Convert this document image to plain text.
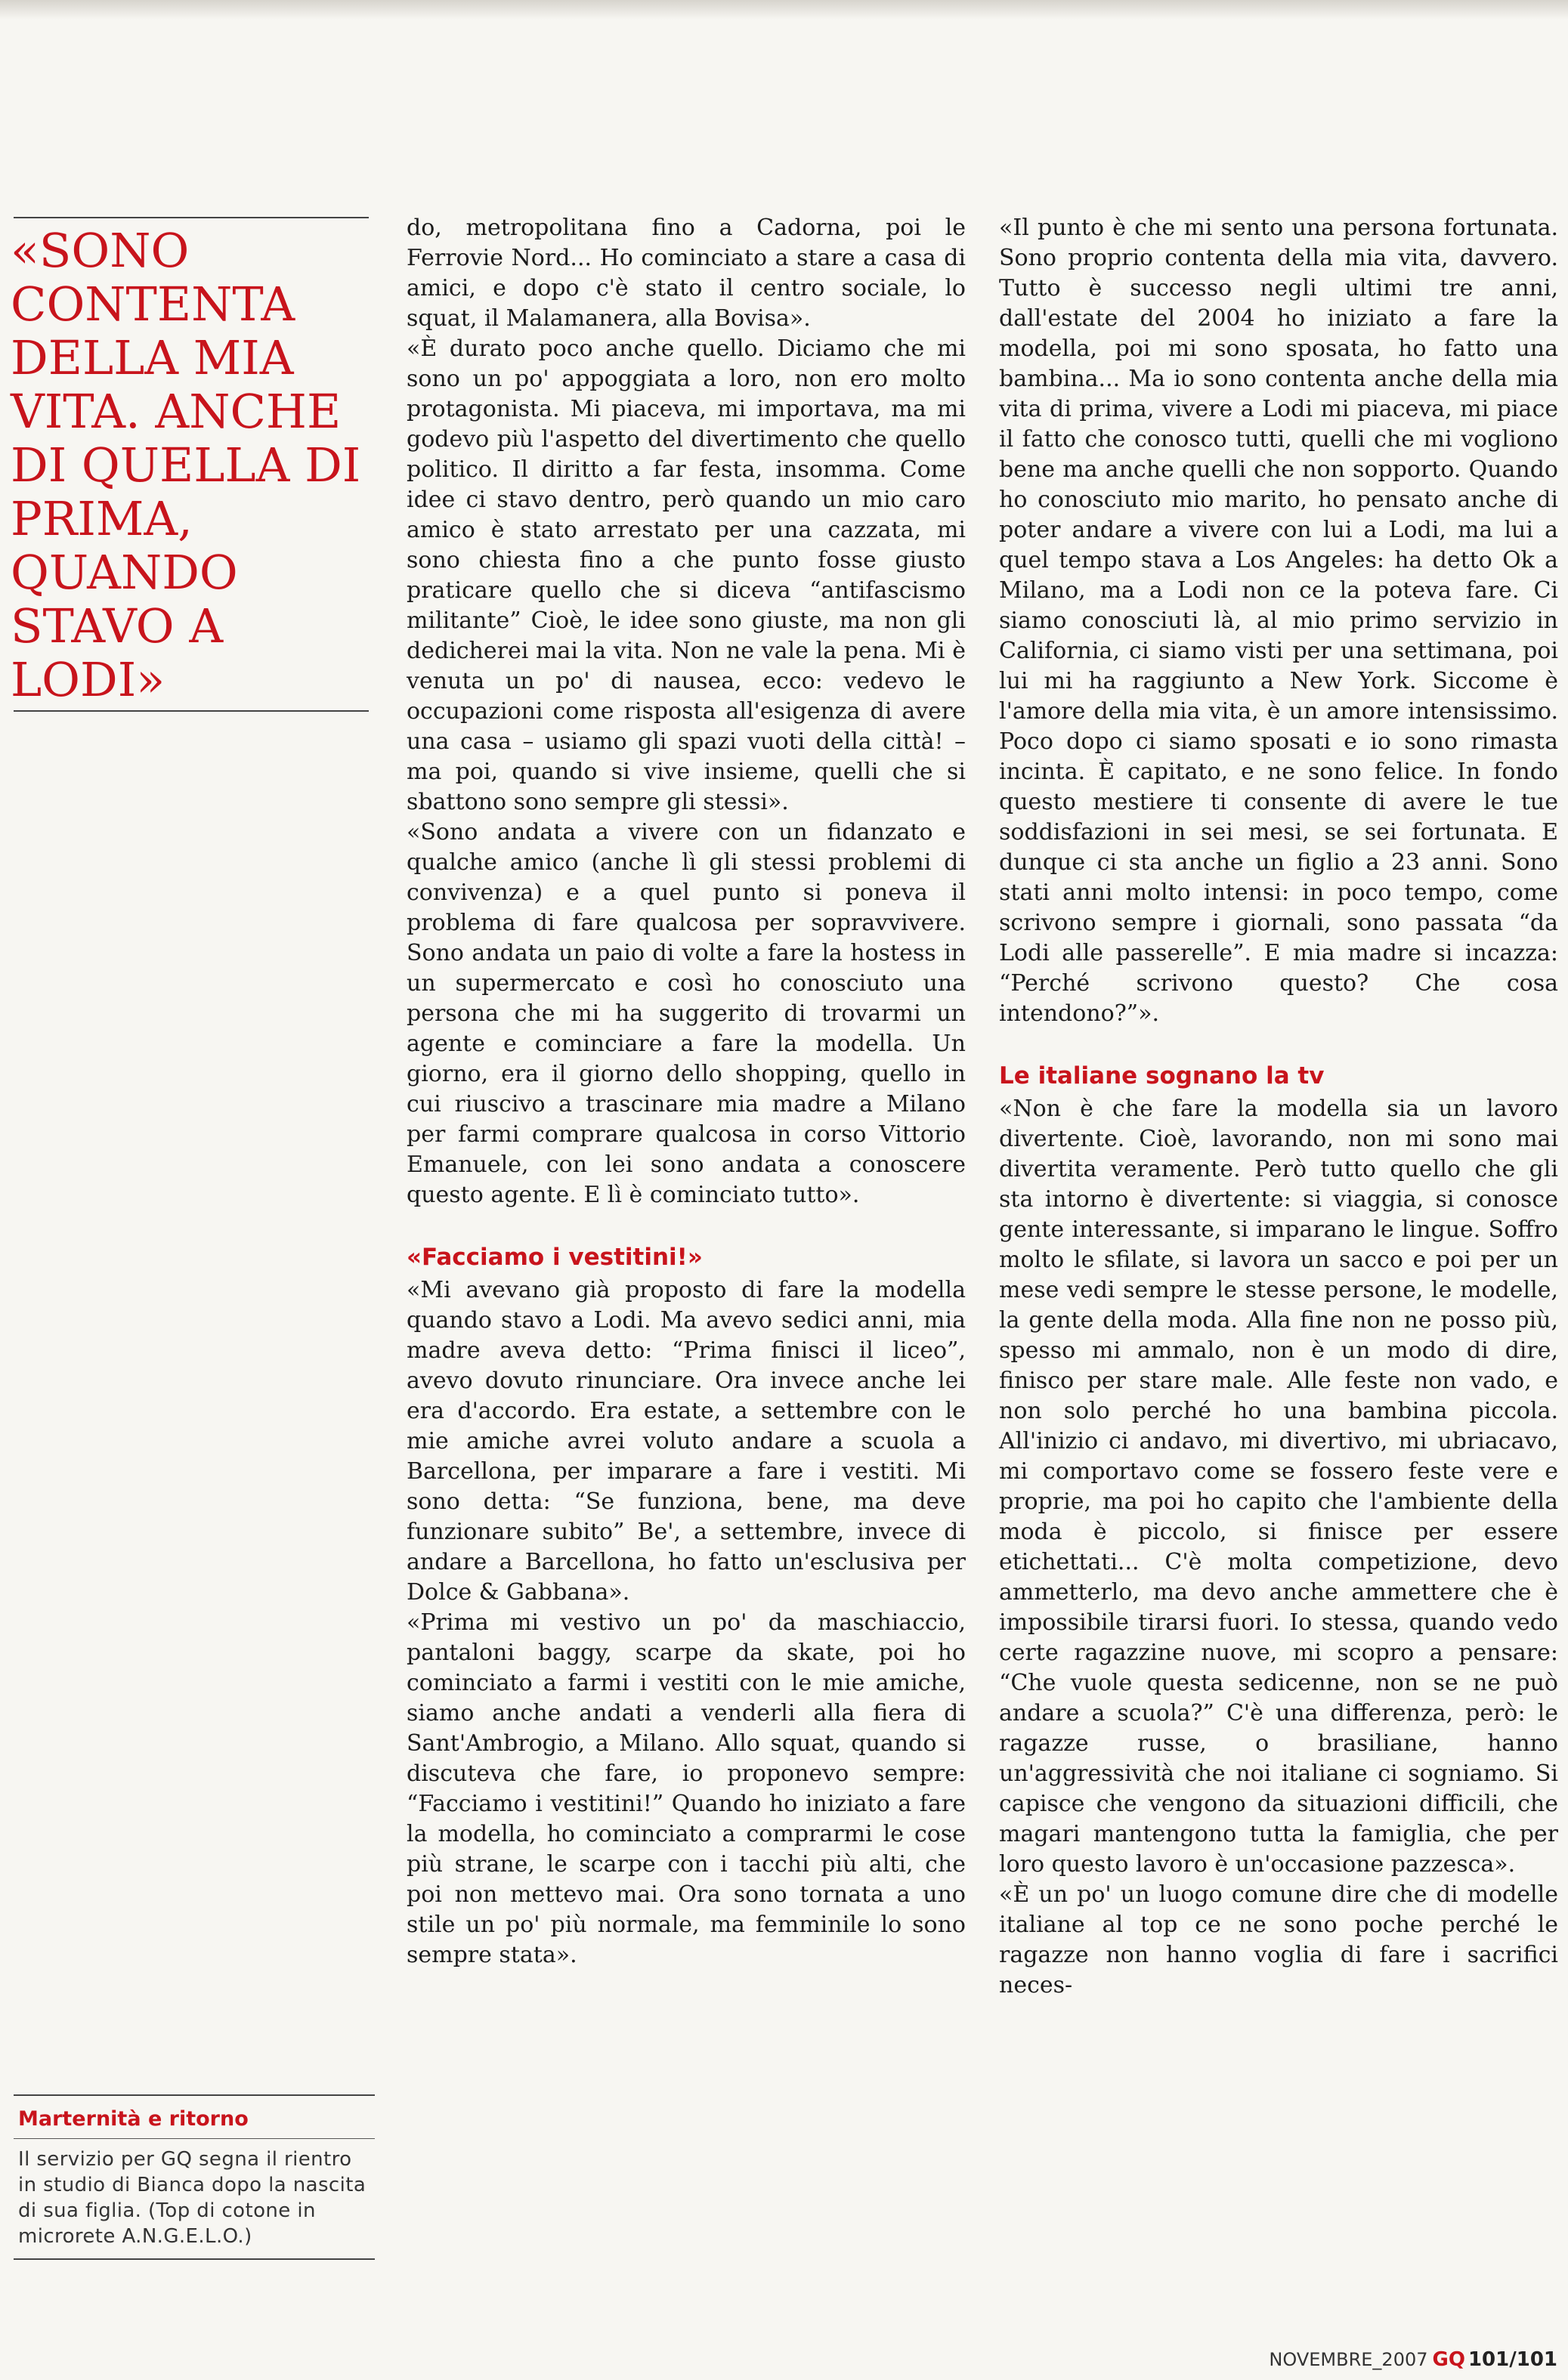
«SONO CONTENTA DELLA MIA VITA. ANCHE DI QUELLA DI PRIMA, QUANDO STAVO A LODI»
Marternità e ritorno
Il servizio per GQ segna il rientro in studio di Bianca dopo la nascita di sua figlia. (Top di cotone in microrete A.N.G.E.L.O.)

do, metropolitana fino a Cadorna, poi le Ferrovie Nord... Ho cominciato a stare a casa di amici, e dopo c'è stato il centro sociale, lo squat, il Malamanera, alla Bovisa».

«È durato poco anche quello. Diciamo che mi sono un po' appoggiata a loro, non ero molto protagonista. Mi piaceva, mi importava, ma mi godevo più l'aspetto del divertimento che quello politico. Il diritto a far festa, insomma. Come idee ci stavo dentro, però quando un mio caro amico è stato arrestato per una cazzata, mi sono chiesta fino a che punto fosse giusto praticare quello che si diceva “antifascismo militante” Cioè, le idee sono giuste, ma non gli dedicherei mai la vita. Non ne vale la pena. Mi è venuta un po' di nausea, ecco: vedevo le occupazioni come risposta all'esigenza di avere una casa – usiamo gli spazi vuoti della città! – ma poi, quando si vive insieme, quelli che si sbattono sono sempre gli stessi».

«Sono andata a vivere con un fidanzato e qualche amico (anche lì gli stessi problemi di convivenza) e a quel punto si poneva il problema di fare qualcosa per sopravvivere. Sono andata un paio di volte a fare la hostess in un supermercato e così ho conosciuto una persona che mi ha suggerito di trovarmi un agente e cominciare a fare la modella. Un giorno, era il giorno dello shopping, quello in cui riuscivo a trascinare mia madre a Milano per farmi comprare qualcosa in corso Vittorio Emanuele, con lei sono andata a conoscere questo agente. E lì è cominciato tutto».

«Facciamo i vestitini!»

«Mi avevano già proposto di fare la modella quando stavo a Lodi. Ma avevo sedici anni, mia madre aveva detto: “Prima finisci il liceo”, avevo dovuto rinunciare. Ora invece anche lei era d'accordo. Era estate, a settembre con le mie amiche avrei voluto andare a scuola a Barcellona, per imparare a fare i vestiti. Mi sono detta: “Se funziona, bene, ma deve funzionare subito” Be', a settembre, invece di andare a Barcellona, ho fatto un'esclusiva per Dolce & Gabbana».

«Prima mi vestivo un po' da maschiaccio, pantaloni baggy, scarpe da skate, poi ho cominciato a farmi i vestiti con le mie amiche, siamo anche andati a venderli alla fiera di Sant'Ambrogio, a Milano. Allo squat, quando si discuteva che fare, io proponevo sempre: “Facciamo i vestitini!” Quando ho iniziato a fare la modella, ho cominciato a comprarmi le cose più strane, le scarpe con i tacchi più alti, che poi non mettevo mai. Ora sono tornata a uno stile un po' più normale, ma femminile lo sono sempre stata».

«Il punto è che mi sento una persona fortunata. Sono proprio contenta della mia vita, davvero. Tutto è successo negli ultimi tre anni, dall'estate del 2004 ho iniziato a fare la modella, poi mi sono sposata, ho fatto una bambina... Ma io sono contenta anche della mia vita di prima, vivere a Lodi mi piaceva, mi piace il fatto che conosco tutti, quelli che mi vogliono bene ma anche quelli che non sopporto. Quando ho conosciuto mio marito, ho pensato anche di poter andare a vivere con lui a Lodi, ma lui a quel tempo stava a Los Angeles: ha detto Ok a Milano, ma a Lodi non ce la poteva fare. Ci siamo conosciuti là, al mio primo servizio in California, ci siamo visti per una settimana, poi lui mi ha raggiunto a New York. Siccome è l'amore della mia vita, è un amore intensissimo. Poco dopo ci siamo sposati e io sono rimasta incinta. È capitato, e ne sono felice. In fondo questo mestiere ti consente di avere le tue soddisfazioni in sei mesi, se sei fortunata. E dunque ci sta anche un figlio a 23 anni. Sono stati anni molto intensi: in poco tempo, come scrivono sempre i giornali, sono passata “da Lodi alle passerelle”. E mia madre si incazza: “Perché scrivono questo? Che cosa intendono?”».

Le italiane sognano la tv

«Non è che fare la modella sia un lavoro divertente. Cioè, lavorando, non mi sono mai divertita veramente. Però tutto quello che gli sta intorno è divertente: si viaggia, si conosce gente interessante, si imparano le lingue. Soffro molto le sfilate, si lavora un sacco e poi per un mese vedi sempre le stesse persone, le modelle, la gente della moda. Alla fine non ne posso più, spesso mi ammalo, non è un modo di dire, finisco per stare male. Alle feste non vado, e non solo perché ho una bambina piccola. All'inizio ci andavo, mi divertivo, mi ubriacavo, mi comportavo come se fossero feste vere e proprie, ma poi ho capito che l'ambiente della moda è piccolo, si finisce per essere etichettati... C'è molta competizione, devo ammetterlo, ma devo anche ammettere che è impossibile tirarsi fuori. Io stessa, quando vedo certe ragazzine nuove, mi scopro a pensare: “Che vuole questa sedicenne, non se ne può andare a scuola?” C'è una differenza, però: le ragazze russe, o brasiliane, hanno un'aggressività che noi italiane ci sogniamo. Si capisce che vengono da situazioni difficili, che magari mantengono tutta la famiglia, che per loro questo lavoro è un'occasione pazzesca».

«È un po' un luogo comune dire che di modelle italiane al top ce ne sono poche perché le ragazze non hanno voglia di fare i sacrifici neces-

NOVEMBRE_2007 GQ 101/101
